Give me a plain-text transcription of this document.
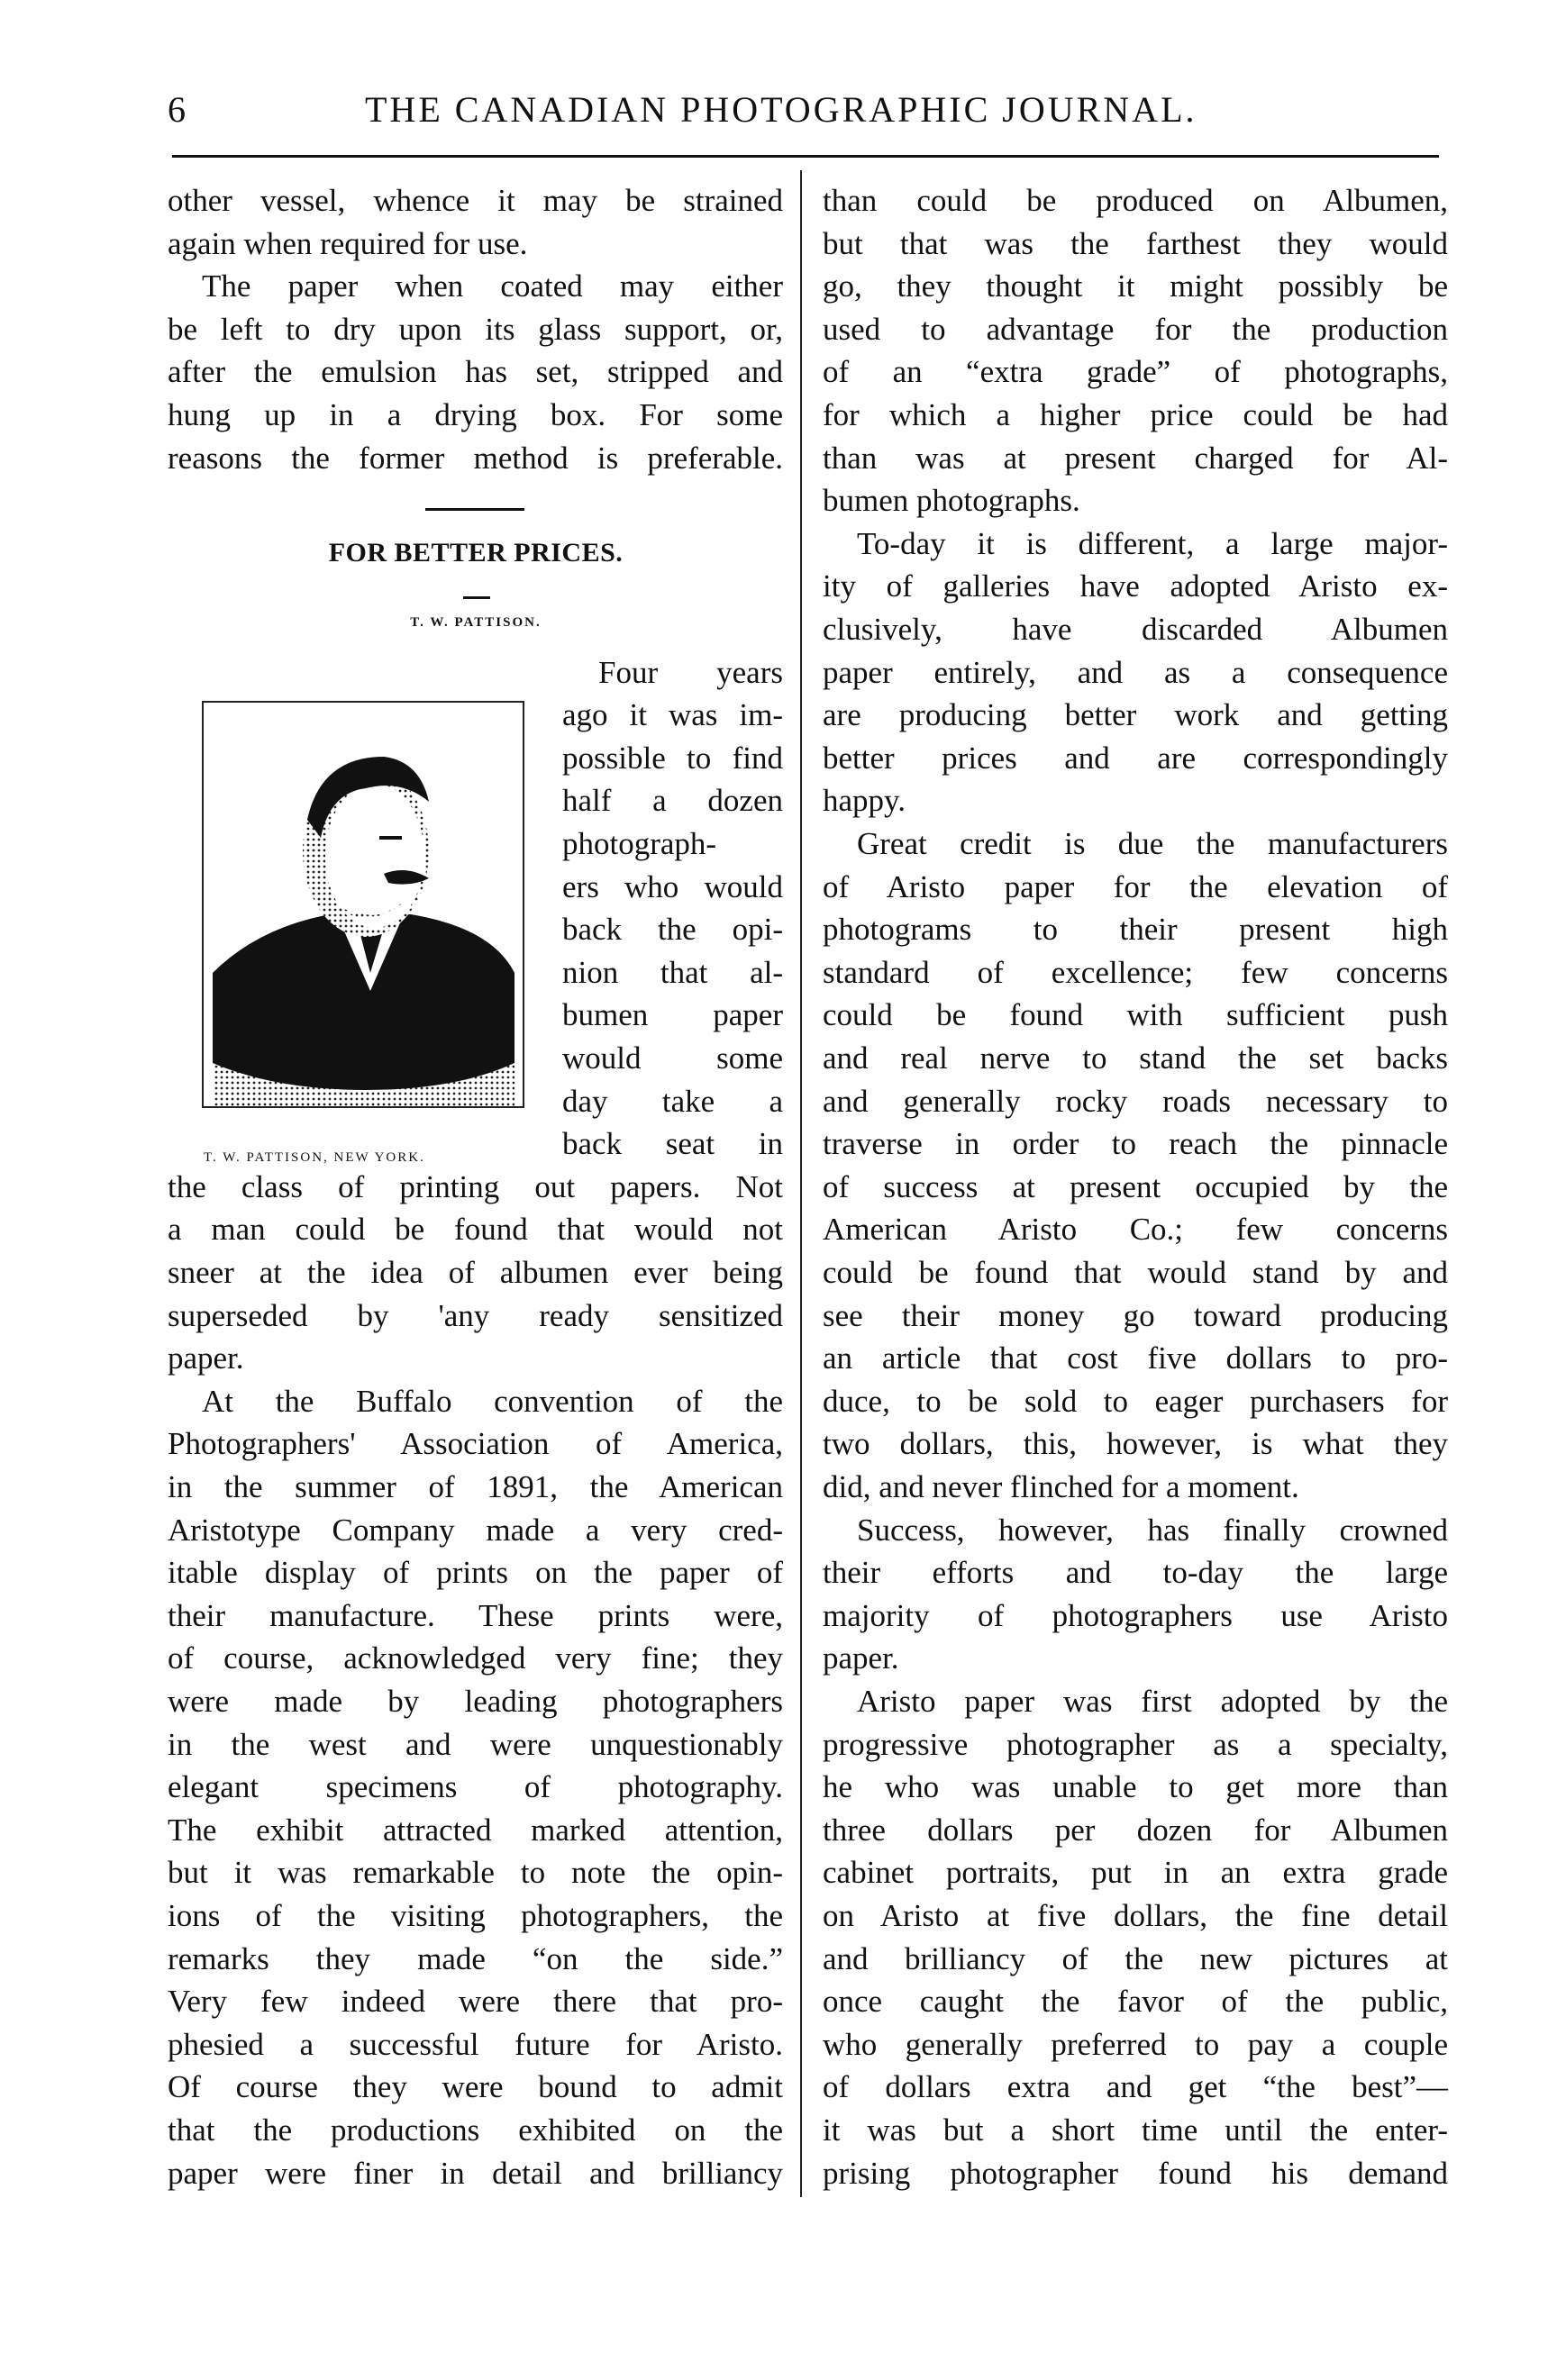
6	THE CANADIAN PHOTOGRAPHIC JOURNAL.
other vessel, whence it may be strained
again when required for use.
The paper when coated may either
be left to dry upon its glass support, or,
after the emulsion has set, stripped and
hung up in a drying box. For some
reasons the former method is preferable.
Four years
ago it was im-
possible to find
half a dozen
photograph-
ers who would
back the opi-
nion that al-
bumen paper
would some
day take a
back seat in
the class of printing out papers. Not
a man could be found that would not
sneer at the idea of albumen ever being
superseded by 'any ready sensitized
paper.
At the Buffalo convention of the
Photographers' Association of America,
in the summer of 1891, the American
Aristotype Company made a very cred-
itable display of prints on the paper of
their manufacture. These prints were,
of course, acknowledged very fine; they
were made by leading photographers
in the west and were unquestionably
elegant specimens of photography.
The exhibit attracted marked attention,
but it was remarkable to note the opin-
ions of the visiting photographers, the
remarks they made “on the side.”
Very few indeed were there that pro-
phesied a successful future for Aristo.
Of course they were bound to admit
that the productions exhibited on the
paper were finer in detail and brilliancy
than could be produced on Albumen,
but that was the farthest they would
go, they thought it might possibly be
used to advantage for the production
of an “extra grade” of photographs,
for which a higher price could be had
than was at present charged for Al-
bumen photographs.
To-day it is different, a large major-
ity of galleries have adopted Aristo ex-
clusively, have discarded Albumen
paper entirely, and as a consequence
are producing better work and getting
better prices and are correspondingly
happy.
Great credit is due the manufacturers
of Aristo paper for the elevation of
photograms to their present high
standard of excellence; few concerns
could be found with sufficient push
and real nerve to stand the set backs
and generally rocky roads necessary to
traverse in order to reach the pinnacle
of success at present occupied by the
American Aristo Co.; few concerns
could be found that would stand by and
see their money go toward producing
an article that cost five dollars to pro-
duce, to be sold to eager purchasers for
two dollars, this, however, is what they
did, and never flinched for a moment.
Success, however, has finally crowned
their efforts and to-day the large
majority of photographers use Aristo
paper.
Aristo paper was first adopted by the
progressive photographer as a specialty,
he who was unable to get more than
three dollars per dozen for Albumen
cabinet portraits, put in an extra grade
on Aristo at five dollars, the fine detail
and brilliancy of the new pictures at
once caught the favor of the public,
who generally preferred to pay a couple
of dollars extra and get “the best”—
it was but a short time until the enter-
prising photographer found his demand
FOR BETTER PRICES.
T. W. PATTISON.
T. W. PATTISON, NEW YORK.
